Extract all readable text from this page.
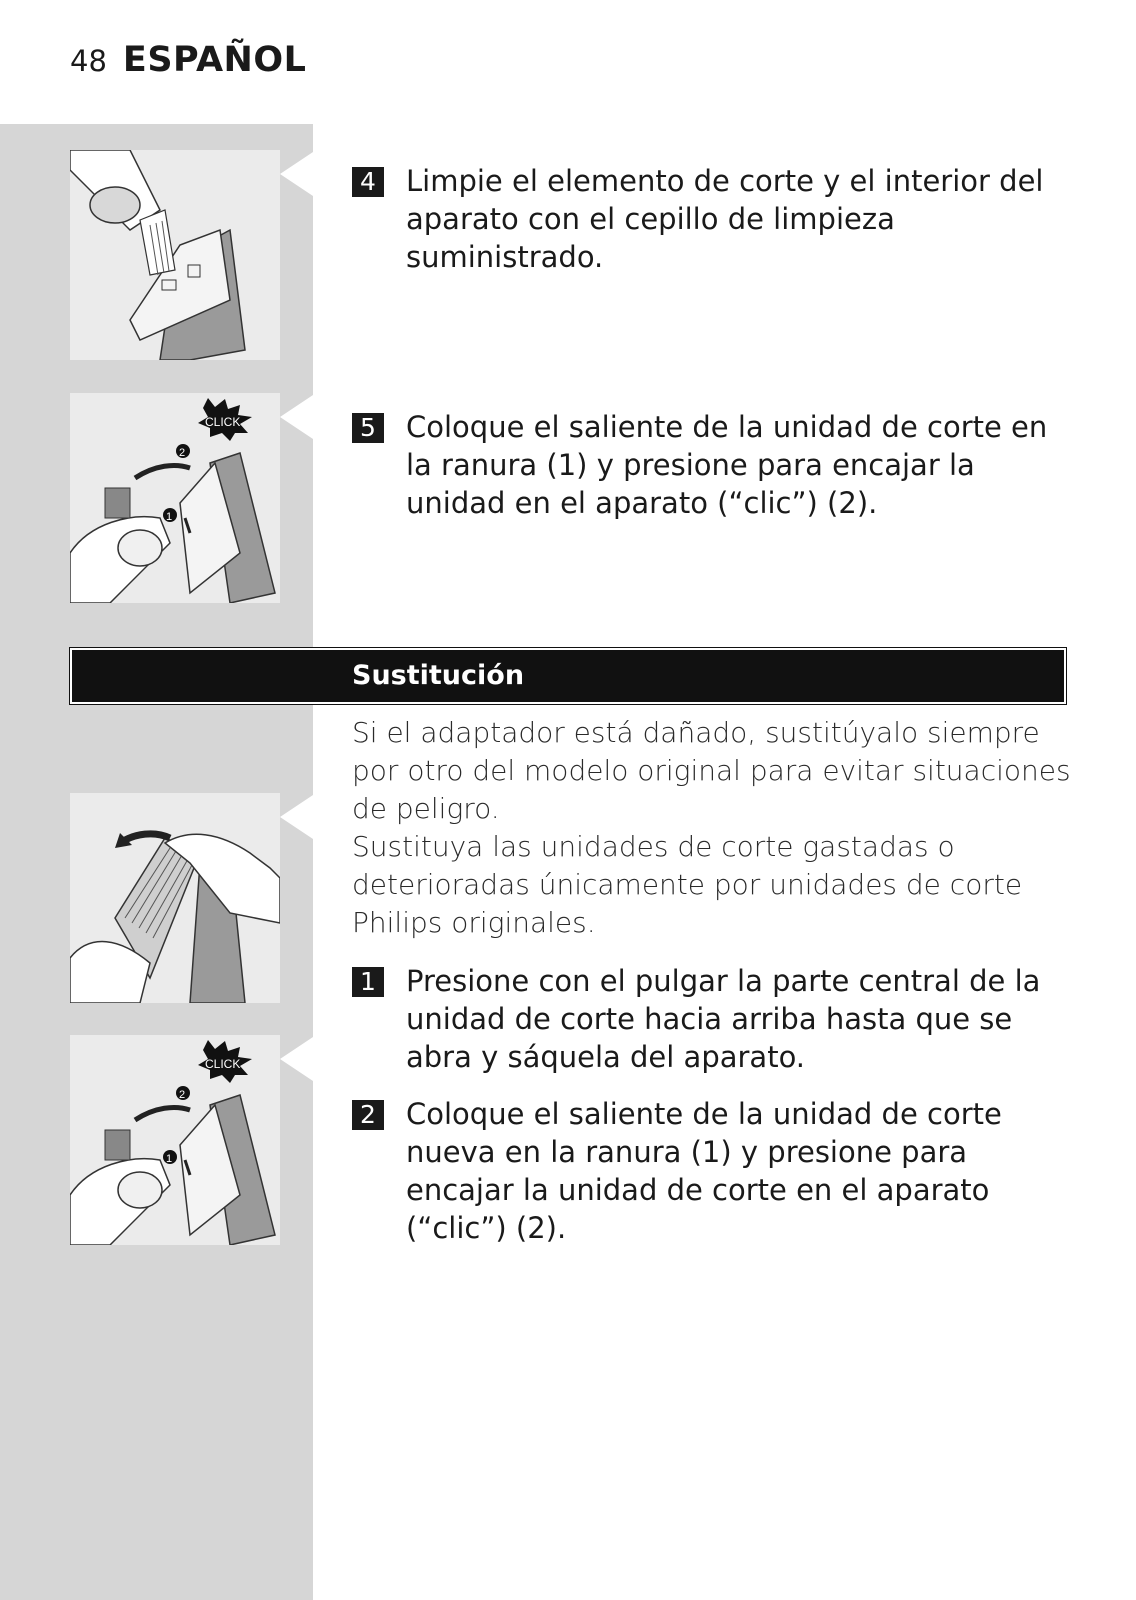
48 ESPAÑOL
CLICK
2
1
4 Limpie el elemento de corte y el interior del aparato con el cepillo de limpieza suministrado.
5 Coloque el saliente de la unidad de corte en la ranura (1) y presione para encajar la unidad en el aparato (“clic”) (2).
Sustitución
Si el adaptador está dañado, sustitúyalo siempre por otro del modelo original para evitar situaciones de peligro.
Sustituya las unidades de corte gastadas o deterioradas únicamente por unidades de corte Philips originales.
CLICK
2
1
1 Presione con el pulgar la parte central de la unidad de corte hacia arriba hasta que se abra y sáquela del aparato.
2 Coloque el saliente de la unidad de corte nueva en la ranura (1) y presione para encajar la unidad de corte en el aparato (“clic”) (2).
